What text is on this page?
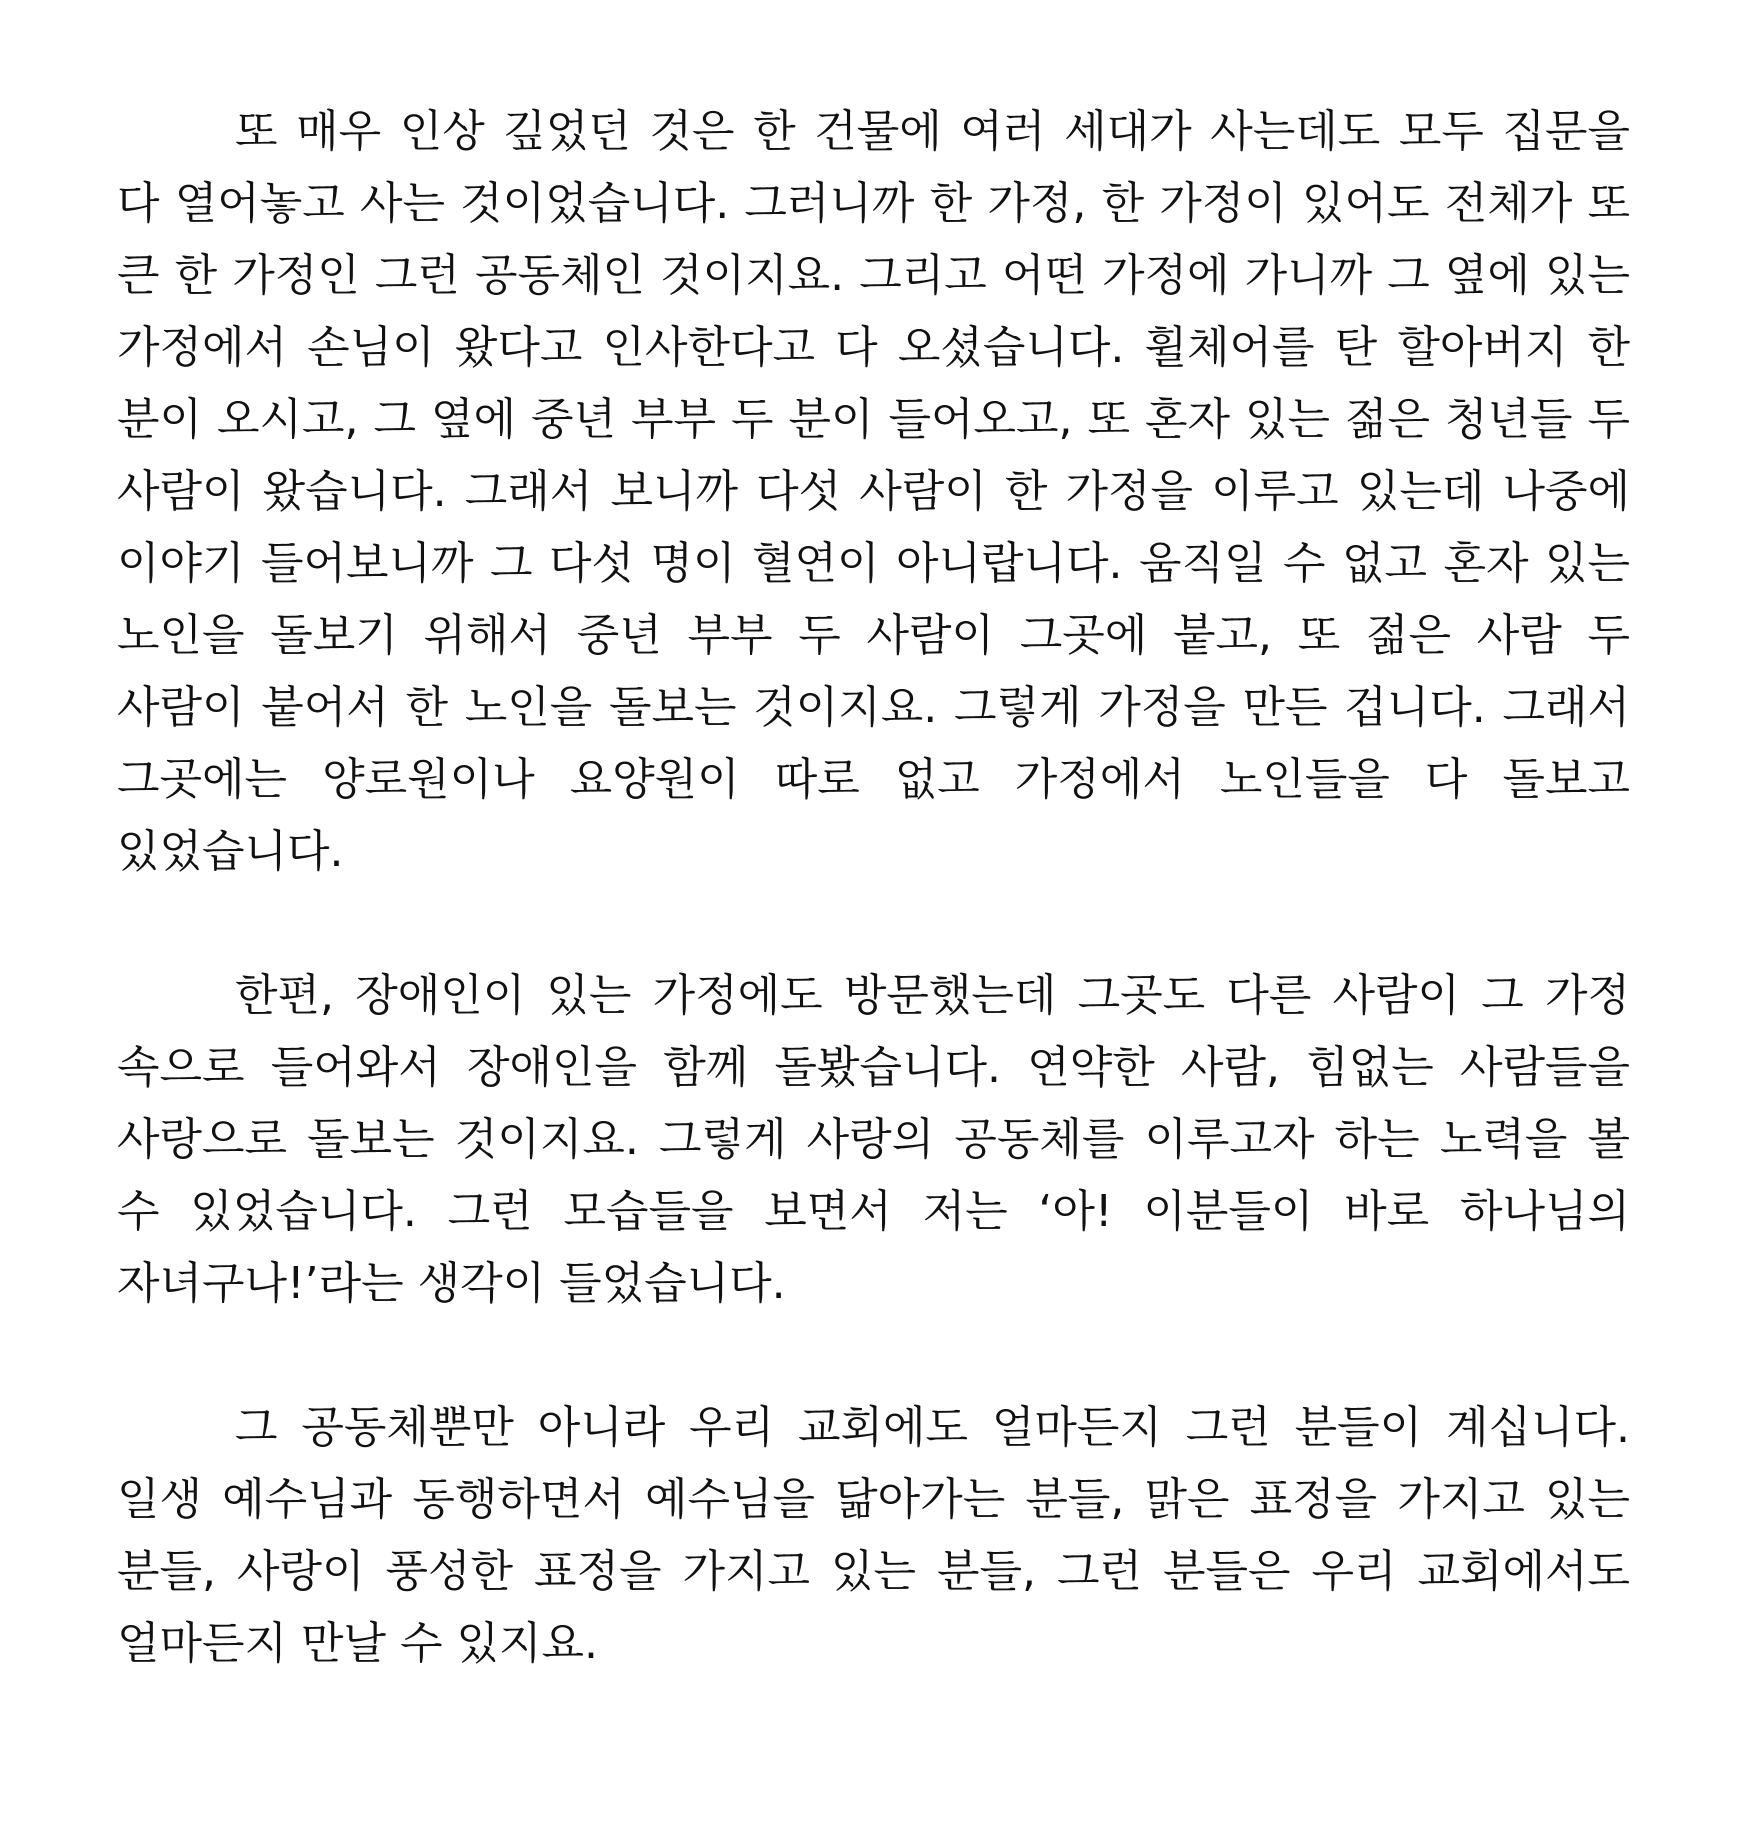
또 매우 인상 깊었던 것은 한 건물에 여러 세대가 사는데도 모두 집문을 다 열어놓고 사는 것이었습니다. 그러니까 한 가정, 한 가정이 있어도 전체가 또 큰 한 가정인 그런 공동체인 것이지요. 그리고 어떤 가정에 가니까 그 옆에 있는 가정에서 손님이 왔다고 인사한다고 다 오셨습니다. 휠체어를 탄 할아버지 한 분이 오시고, 그 옆에 중년 부부 두 분이 들어오고, 또 혼자 있는 젊은 청년들 두 사람이 왔습니다. 그래서 보니까 다섯 사람이 한 가정을 이루고 있는데 나중에 이야기 들어보니까 그 다섯 명이 혈연이 아니랍니다. 움직일 수 없고 혼자 있는 노인을 돌보기 위해서 중년 부부 두 사람이 그곳에 붙고, 또 젊은 사람 두 사람이 붙어서 한 노인을 돌보는 것이지요. 그렇게 가정을 만든 겁니다. 그래서 그곳에는 양로원이나 요양원이 따로 없고 가정에서 노인들을 다 돌보고 있었습니다.

한편, 장애인이 있는 가정에도 방문했는데 그곳도 다른 사람이 그 가정 속으로 들어와서 장애인을 함께 돌봤습니다. 연약한 사람, 힘없는 사람들을 사랑으로 돌보는 것이지요. 그렇게 사랑의 공동체를 이루고자 하는 노력을 볼 수 있었습니다. 그런 모습들을 보면서 저는 ‘아! 이분들이 바로 하나님의 자녀구나!’라는 생각이 들었습니다.

그 공동체뿐만 아니라 우리 교회에도 얼마든지 그런 분들이 계십니다. 일생 예수님과 동행하면서 예수님을 닮아가는 분들, 맑은 표정을 가지고 있는 분들, 사랑이 풍성한 표정을 가지고 있는 분들, 그런 분들은 우리 교회에서도 얼마든지 만날 수 있지요.
